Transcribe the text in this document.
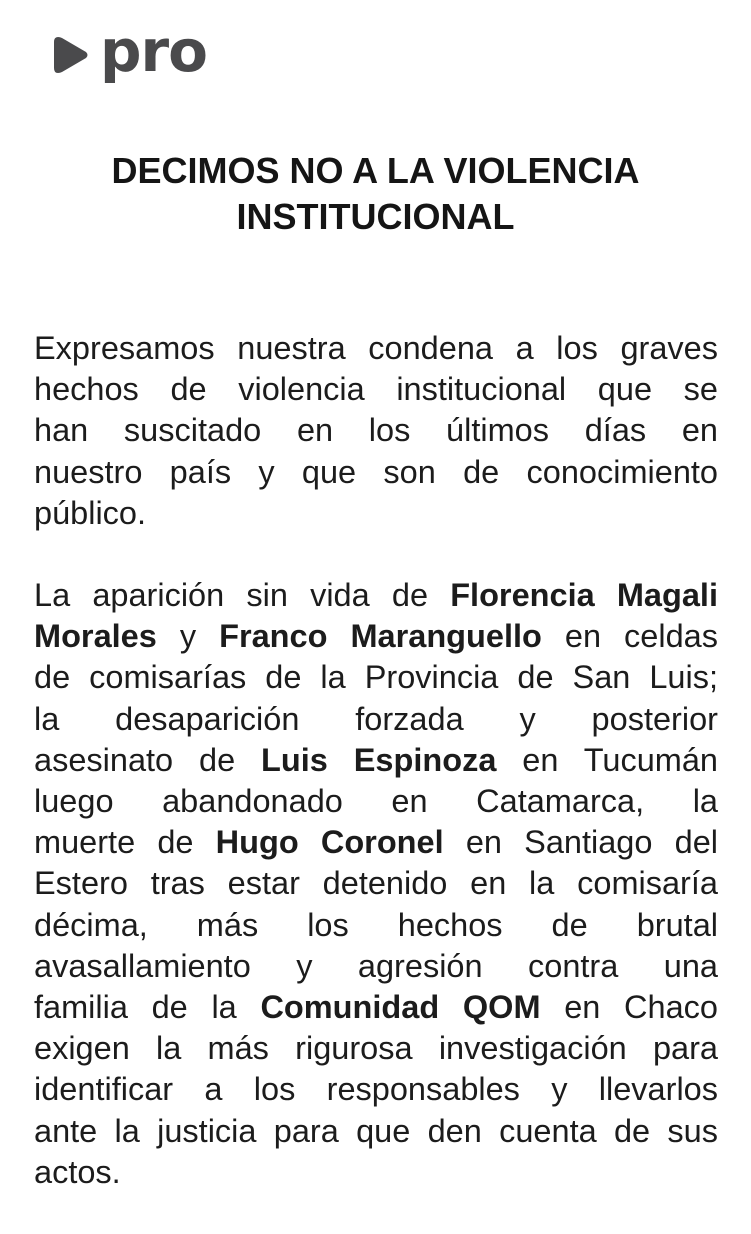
pro
DECIMOS NO A LA VIOLENCIA
INSTITUCIONAL

Expresamos nuestra condena a los graves
hechos de violencia institucional que se
han suscitado en los últimos días en
nuestro país y que son de conocimiento
público.

La aparición sin vida de Florencia Magali
Morales y Franco Maranguello en celdas
de comisarías de la Provincia de San Luis;
la desaparición forzada y posterior
asesinato de Luis Espinoza en Tucumán
luego abandonado en Catamarca, la
muerte de Hugo Coronel en Santiago del
Estero tras estar detenido en la comisaría
décima, más los hechos de brutal
avasallamiento y agresión contra una
familia de la Comunidad QOM en Chaco
exigen la más rigurosa investigación para
identificar a los responsables y llevarlos
ante la justicia para que den cuenta de sus
actos.
